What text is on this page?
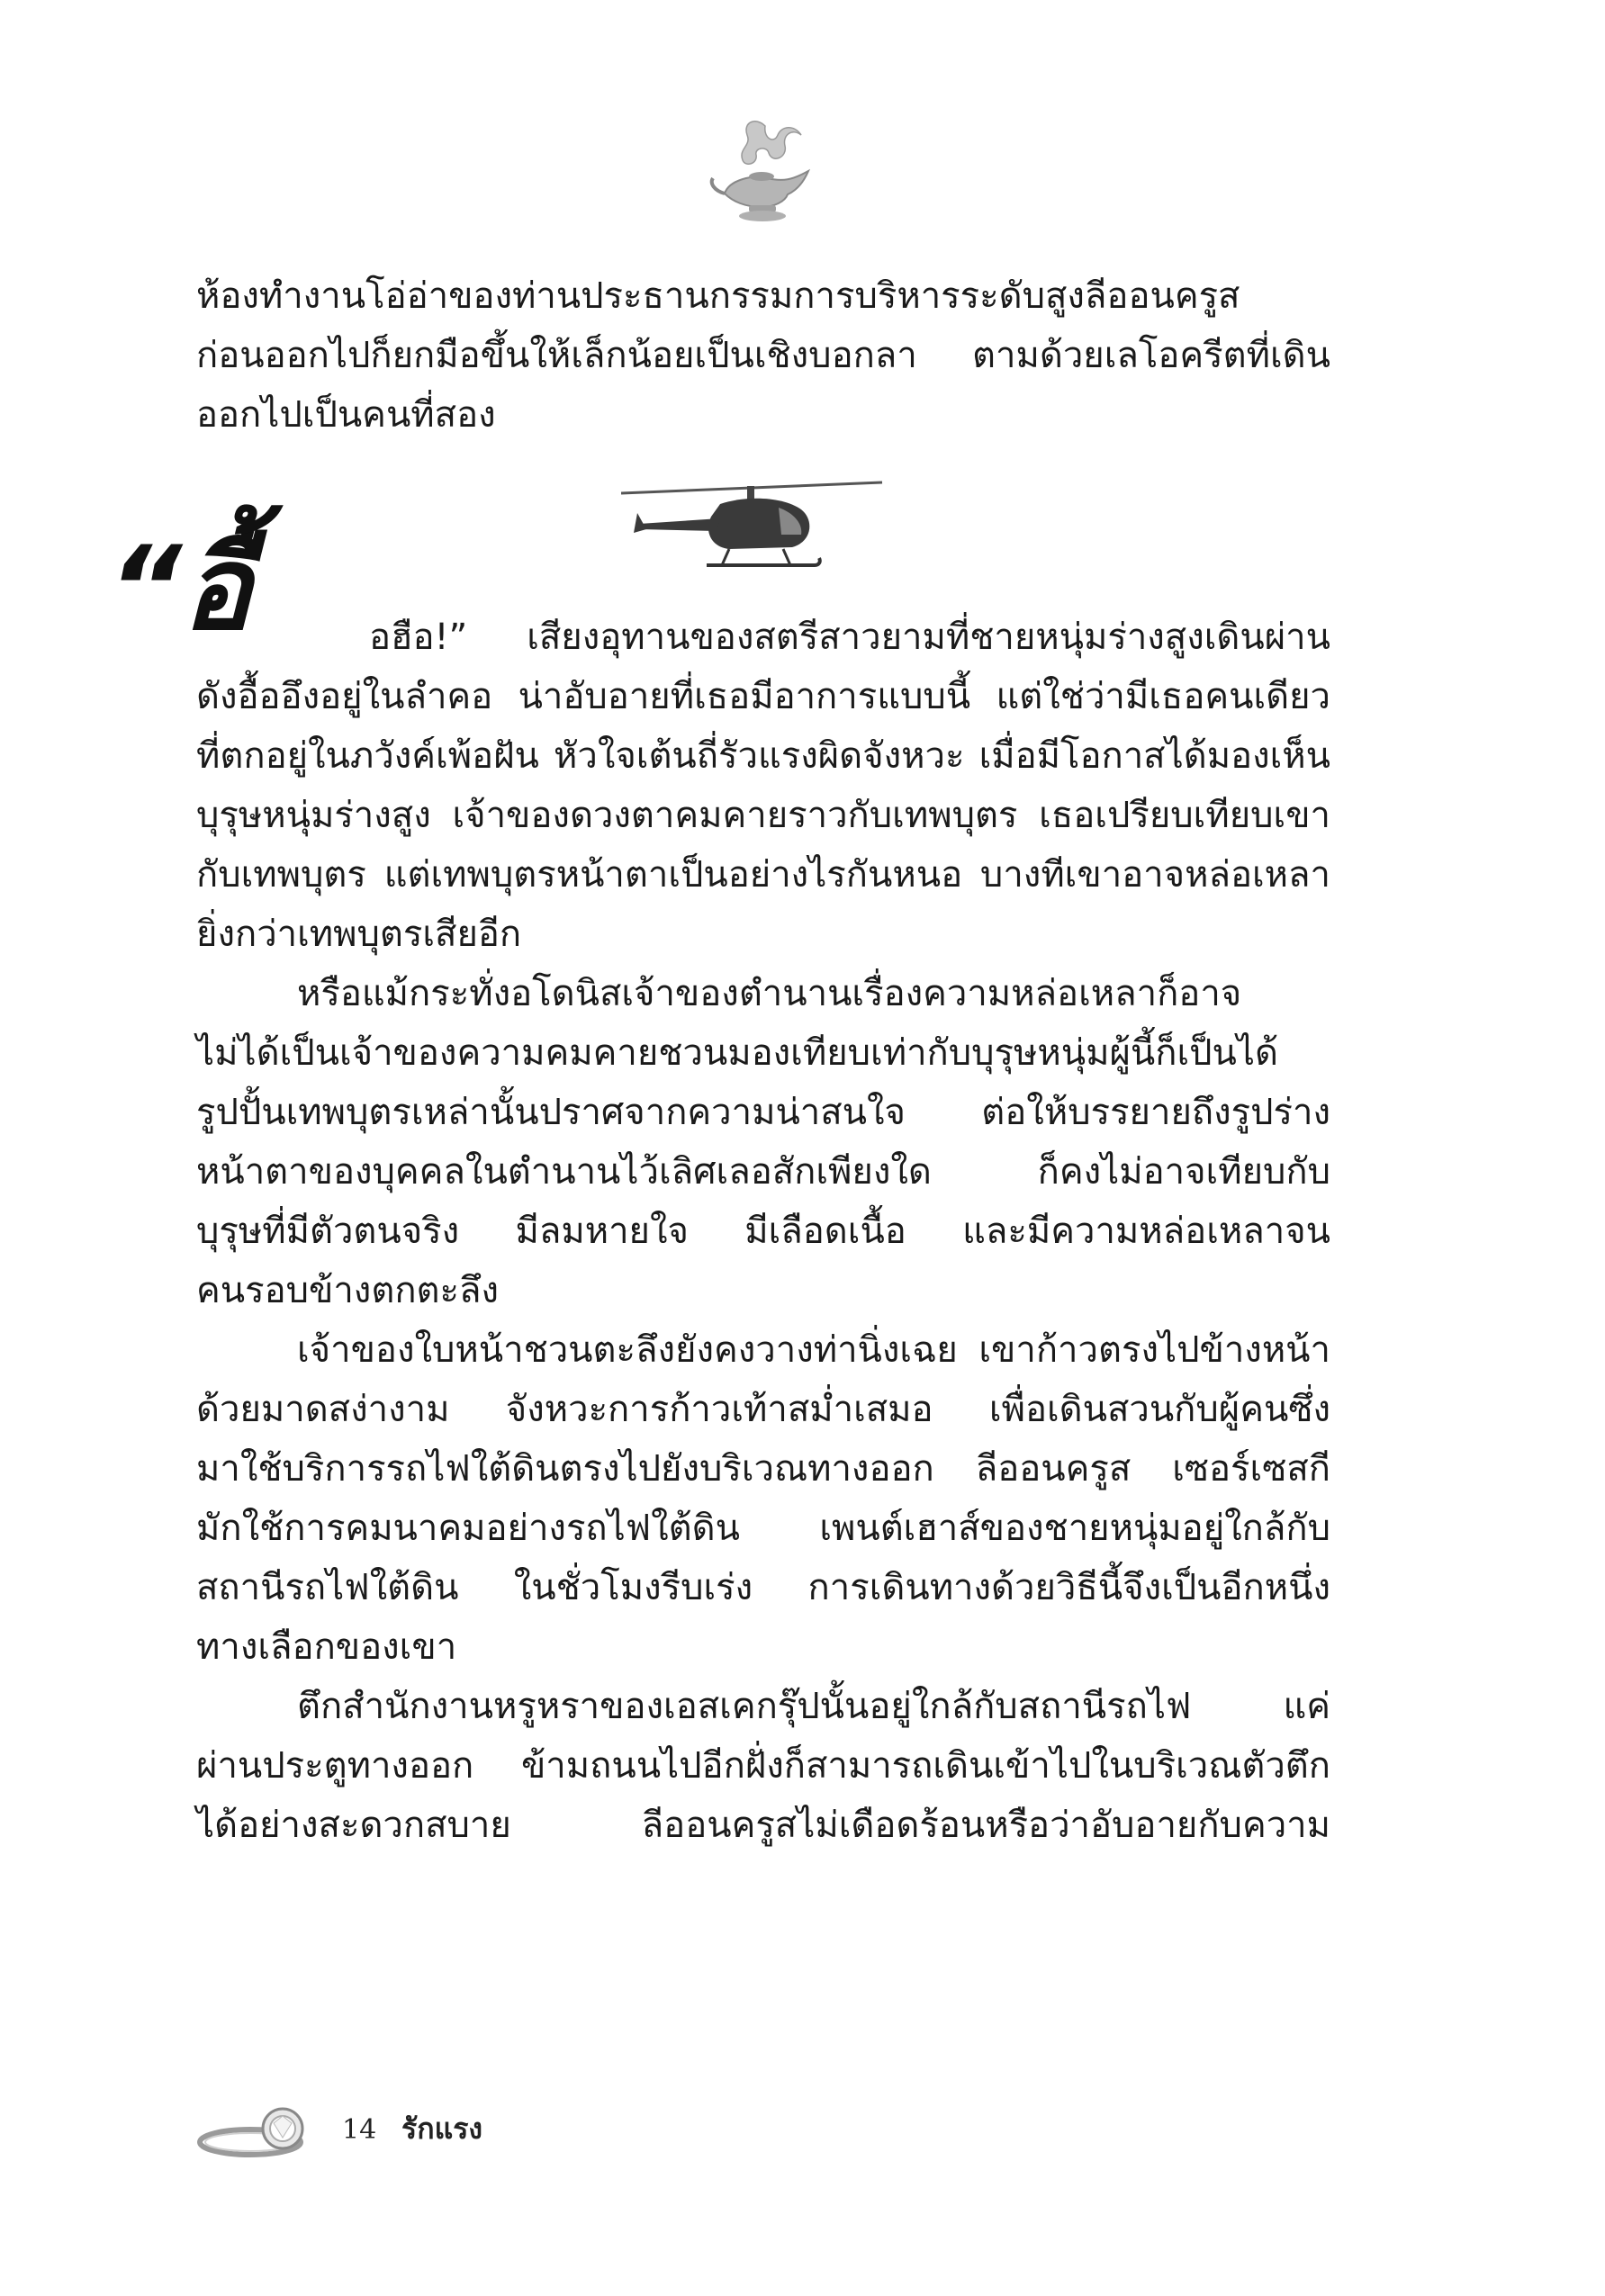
ห้องทำงานโอ่อ่าของท่านประธานกรรมการบริหารระดับสูงลีออนครูส
ก่อนออกไปก็ยกมือขึ้นให้เล็กน้อยเป็นเชิงบอกลา ตามด้วยเลโอครีตที่เดิน
ออกไปเป็นคนที่สอง
“อื้	อฮือ!” เสียงอุทานของสตรีสาวยามที่ชายหนุ่มร่างสูงเดินผ่าน
ดังอื้ออึงอยู่ในลำคอ น่าอับอายที่เธอมีอาการแบบนี้ แต่ใช่ว่ามีเธอคนเดียว
ที่ตกอยู่ในภวังค์เพ้อฝัน หัวใจเต้นถี่รัวแรงผิดจังหวะ เมื่อมีโอกาสได้มองเห็น
บุรุษหนุ่มร่างสูง เจ้าของดวงตาคมคายราวกับเทพบุตร เธอเปรียบเทียบเขา
กับเทพบุตร แต่เทพบุตรหน้าตาเป็นอย่างไรกันหนอ บางทีเขาอาจหล่อเหลา
ยิ่งกว่าเทพบุตรเสียอีก
หรือแม้กระทั่งอโดนิสเจ้าของตำนานเรื่องความหล่อเหลาก็อาจ
ไม่ได้เป็นเจ้าของความคมคายชวนมองเทียบเท่ากับบุรุษหนุ่มผู้นี้ก็เป็นได้
รูปปั้นเทพบุตรเหล่านั้นปราศจากความน่าสนใจ ต่อให้บรรยายถึงรูปร่าง
หน้าตาของบุคคลในตำนานไว้เลิศเลอสักเพียงใด ก็คงไม่อาจเทียบกับ
บุรุษที่มีตัวตนจริง มีลมหายใจ มีเลือดเนื้อ และมีความหล่อเหลาจน
คนรอบข้างตกตะลึง
เจ้าของใบหน้าชวนตะลึงยังคงวางท่านิ่งเฉย เขาก้าวตรงไปข้างหน้า
ด้วยมาดสง่างาม จังหวะการก้าวเท้าสม่ำเสมอ เพื่อเดินสวนกับผู้คนซึ่ง
มาใช้บริการรถไฟใต้ดินตรงไปยังบริเวณทางออก ลีออนครูส เซอร์เซสกี
มักใช้การคมนาคมอย่างรถไฟใต้ดิน เพนต์เฮาส์ของชายหนุ่มอยู่ใกล้กับ
สถานีรถไฟใต้ดิน ในชั่วโมงรีบเร่ง การเดินทางด้วยวิธีนี้จึงเป็นอีกหนึ่ง
ทางเลือกของเขา
ตึกสำนักงานหรูหราของเอสเคกรุ๊ปนั้นอยู่ใกล้กับสถานีรถไฟ แค่
ผ่านประตูทางออก ข้ามถนนไปอีกฝั่งก็สามารถเดินเข้าไปในบริเวณตัวตึก
ได้อย่างสะดวกสบาย ลีออนครูสไม่เดือดร้อนหรือว่าอับอายกับความ
14 รักแรง
